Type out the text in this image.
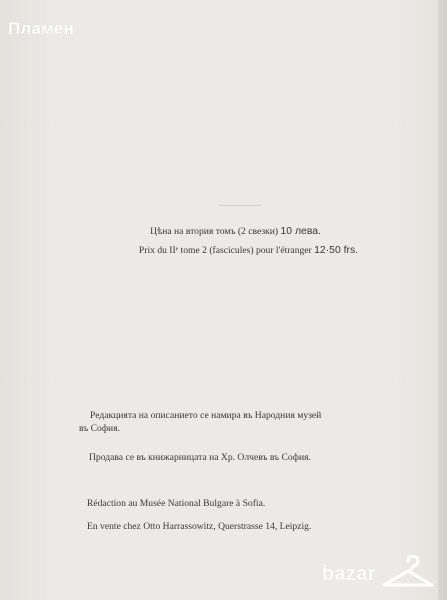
Пламен
Цѣна на втория томъ (2 свезки) 10 лева.
Prix du IIᵉ tome 2 (fascicules) pour l'étranger 12·50 frs.
Редакцията на описанието се намира въ Народния музей
въ София.
Продава се въ книжарницата на Хр. Олчевъ въ София.
Rédaction au Musée National Bulgare à Sofia.
En vente chez Otto Harrassowitz, Querstrasse 14, Leipzig.
bazar
